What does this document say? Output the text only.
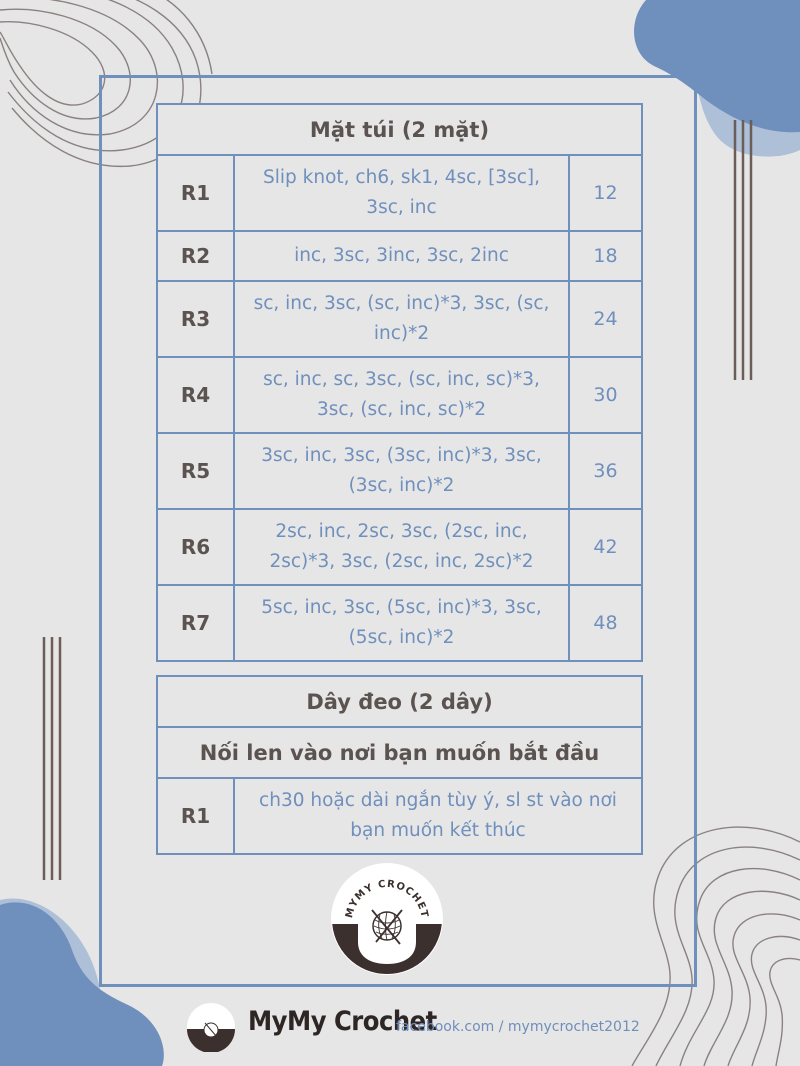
Mặt túi (2 mặt)		
R1	Slip knot, ch6, sk1, 4sc, [3sc], 3sc, inc	12
R2	inc, 3sc, 3inc, 3sc, 2inc	18
R3	sc, inc, 3sc, (sc, inc)*3, 3sc, (sc, inc)*2	24
R4	sc, inc, sc, 3sc, (sc, inc, sc)*3, 3sc, (sc, inc, sc)*2	30
R5	3sc, inc, 3sc, (3sc, inc)*3, 3sc, (3sc, inc)*2	36
R6	2sc, inc, 2sc, 3sc, (2sc, inc, 2sc)*3, 3sc, (2sc, inc, 2sc)*2	42
R7	5sc, inc, 3sc, (5sc, inc)*3, 3sc, (5sc, inc)*2	48
Dây đeo (2 dây)
Nối len vào nơi bạn muốn bắt đầu
R1	ch30 hoặc dài ngắn tùy ý, sl st vào nơi bạn muốn kết thúc
MYMY CROCHET
MyMy Crochet
facebook.com / mymycrochet2012
